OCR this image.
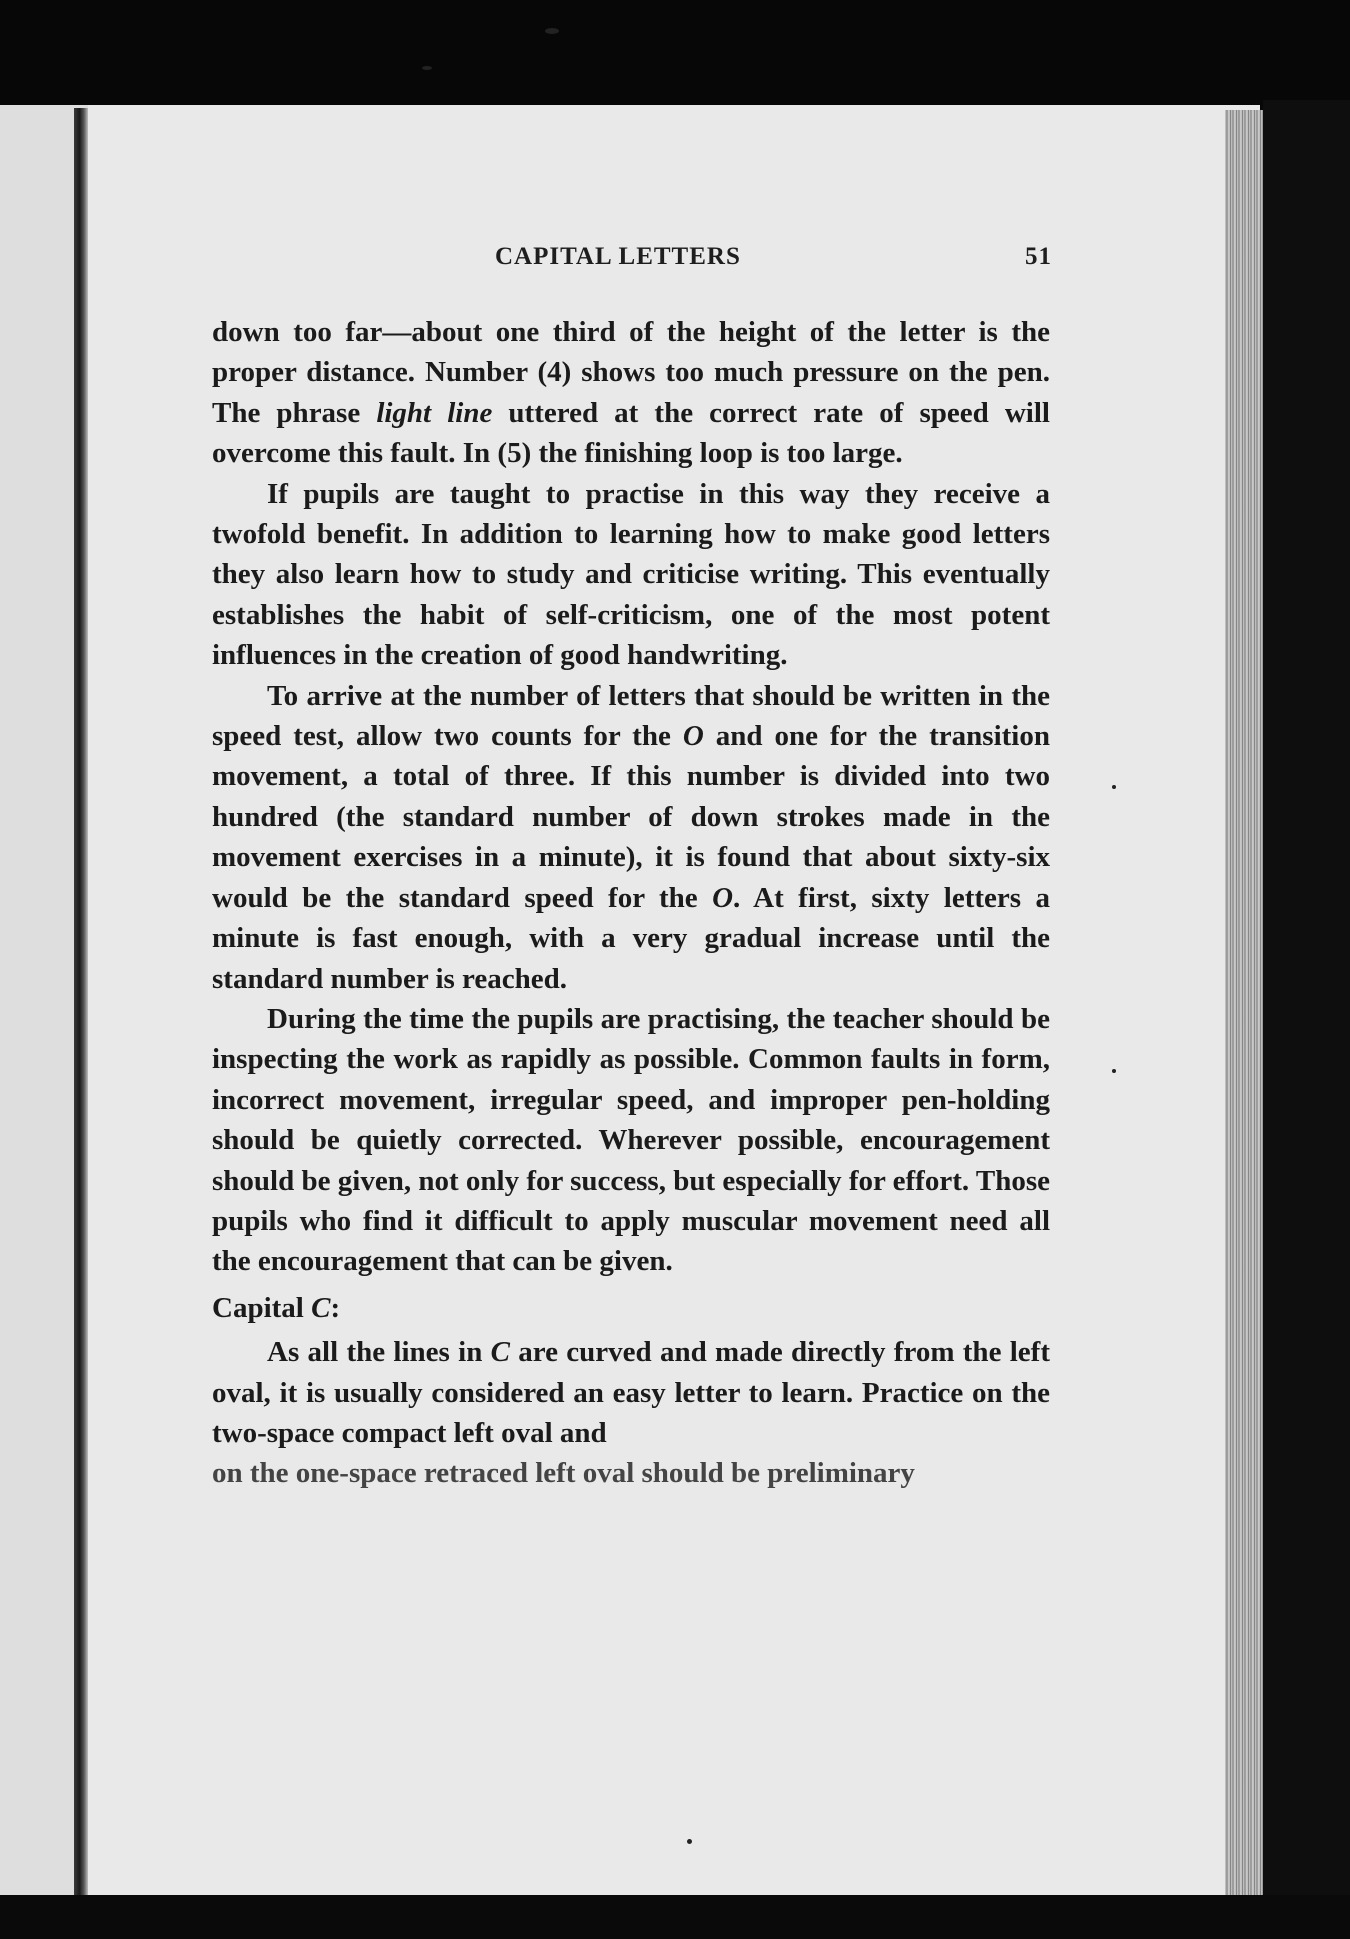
CAPITAL LETTERS	51

down too far—about one third of the height of the letter is the proper distance. Number (4) shows too much pressure on the pen. The phrase light line uttered at the correct rate of speed will overcome this fault. In (5) the finishing loop is too large.

If pupils are taught to practise in this way they receive a twofold benefit. In addition to learning how to make good letters they also learn how to study and criticise writing. This eventually establishes the habit of self-criticism, one of the most potent influences in the creation of good handwriting.

To arrive at the number of letters that should be written in the speed test, allow two counts for the O and one for the transition movement, a total of three. If this number is divided into two hundred (the standard number of down strokes made in the movement exercises in a minute), it is found that about sixty-six would be the standard speed for the O. At first, sixty letters a minute is fast enough, with a very gradual increase until the standard number is reached.

During the time the pupils are practising, the teacher should be inspecting the work as rapidly as possible. Common faults in form, incorrect movement, irregular speed, and improper pen-holding should be quietly corrected. Wherever possible, encouragement should be given, not only for success, but especially for effort. Those pupils who find it difficult to apply muscular movement need all the encouragement that can be given.

Capital C:

As all the lines in C are curved and made directly from the left oval, it is usually considered an easy letter to learn. Practice on the two-space compact left oval and

on the one-space retraced left oval should be preliminary
